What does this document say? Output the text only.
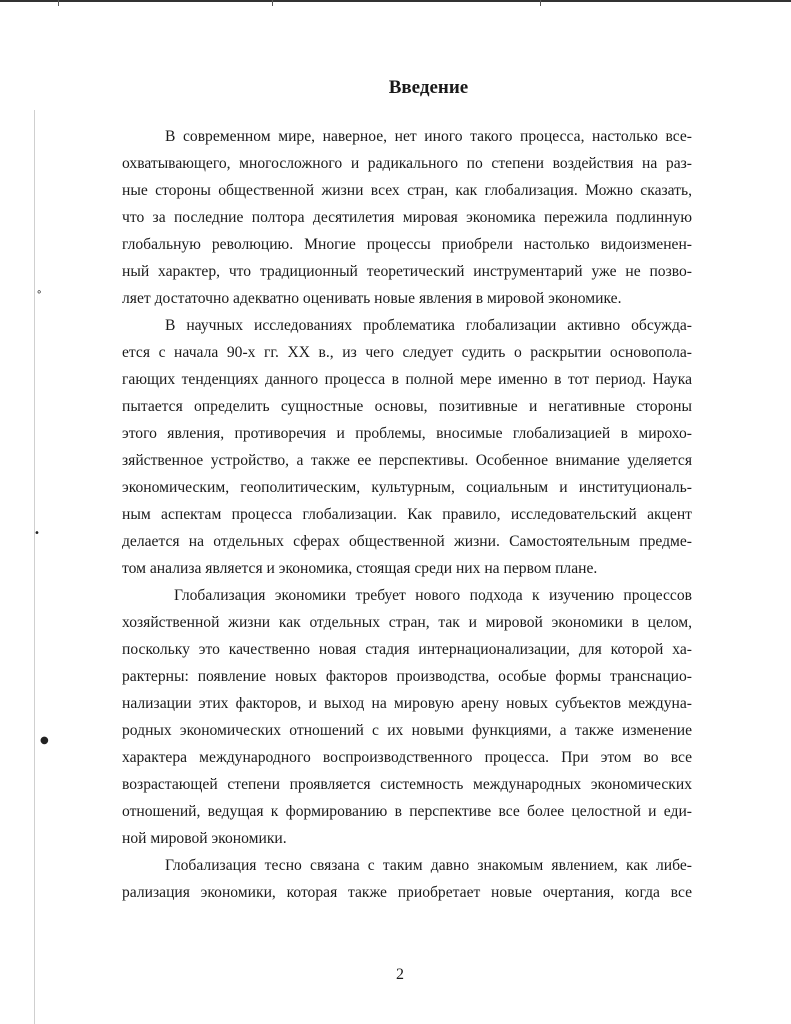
∘
•
●
Введение
В современном мире, наверное, нет иного такого процесса, настолько все-
охватывающего, многосложного и радикального по степени воздействия на раз-
ные стороны общественной жизни всех стран, как глобализация. Можно сказать,
что за последние полтора десятилетия мировая экономика пережила подлинную
глобальную революцию. Многие процессы приобрели настолько видоизменен-
ный характер, что традиционный теоретический инструментарий уже не позво-
ляет достаточно адекватно оценивать новые явления в мировой экономике.
В научных исследованиях проблематика глобализации активно обсужда-
ется с начала 90-х гг. XX в., из чего следует судить о раскрытии основопола-
гающих тенденциях данного процесса в полной мере именно в тот период. Наука
пытается определить сущностные основы, позитивные и негативные стороны
этого явления, противоречия и проблемы, вносимые глобализацией в мирохо-
зяйственное устройство, а также ее перспективы. Особенное внимание уделяется
экономическим, геополитическим, культурным, социальным и институциональ-
ным аспектам процесса глобализации. Как правило, исследовательский акцент
делается на отдельных сферах общественной жизни. Самостоятельным предме-
том анализа является и экономика, стоящая среди них на первом плане.
Глобализация экономики требует нового подхода к изучению процессов
хозяйственной жизни как отдельных стран, так и мировой экономики в целом,
поскольку это качественно новая стадия интернационализации, для которой ха-
рактерны: появление новых факторов производства, особые формы транснацио-
нализации этих факторов, и выход на мировую арену новых субъектов междуна-
родных экономических отношений с их новыми функциями, а также изменение
характера международного воспроизводственного процесса. При этом во все
возрастающей степени проявляется системность международных экономических
отношений, ведущая к формированию в перспективе все более целостной и еди-
ной мировой экономики.
Глобализация тесно связана с таким давно знакомым явлением, как либе-
рализация экономики, которая также приобретает новые очертания, когда все
2
